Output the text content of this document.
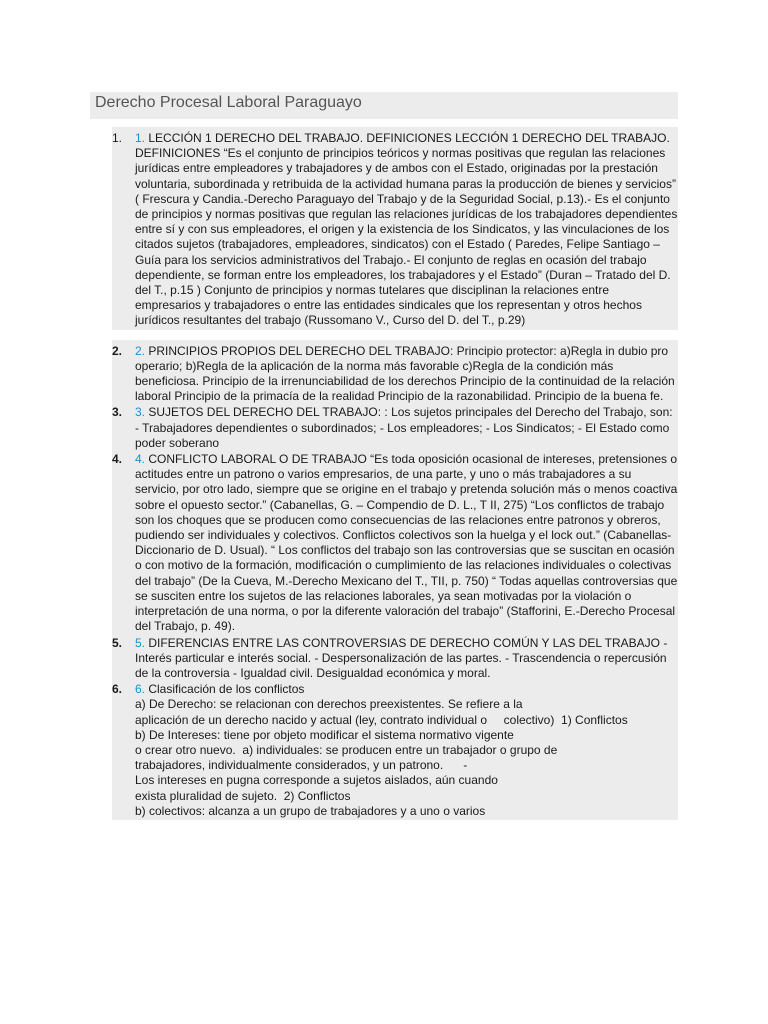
Derecho Procesal Laboral Paraguayo
1.	1. LECCIÓN 1 DERECHO DEL TRABAJO. DEFINICIONES LECCIÓN 1 DERECHO DEL TRABAJO. DEFINICIONES “Es el conjunto de principios teóricos y normas positivas que regulan las relaciones jurídicas entre empleadores y trabajadores y de ambos con el Estado, originadas por la prestación voluntaria, subordinada y retribuida de la actividad humana paras la producción de bienes y servicios” ( Frescura y Candia.-Derecho Paraguayo del Trabajo y de la Seguridad Social, p.13).- Es el conjunto de principios y normas positivas que regulan las relaciones jurídicas de los trabajadores dependientes entre sí y con sus empleadores, el origen y la existencia de los Sindicatos, y las vinculaciones de los citados sujetos (trabajadores, empleadores, sindicatos) con el Estado ( Paredes, Felipe Santiago – Guía para los servicios administrativos del Trabajo.- El conjunto de reglas en ocasión del trabajo dependiente, se forman entre los empleadores, los trabajadores y el Estado” (Duran – Tratado del D. del T., p.15 ) Conjunto de principios y normas tutelares que disciplinan la relaciones entre empresarios y trabajadores o entre las entidades sindicales que los representan y otros hechos jurídicos resultantes del trabajo (Russomano V., Curso del D. del T., p.29)
2.	2. PRINCIPIOS PROPIOS DEL DERECHO DEL TRABAJO: Principio protector: a)Regla in dubio pro operario; b)Regla de la aplicación de la norma más favorable c)Regla de la condición más beneficiosa. Principio de la irrenunciabilidad de los derechos Principio de la continuidad de la relación laboral Principio de la primacía de la realidad Principio de la razonabilidad. Principio de la buena fe.
3.	3. SUJETOS DEL DERECHO DEL TRABAJO: : Los sujetos principales del Derecho del Trabajo, son: - Trabajadores dependientes o subordinados; - Los empleadores; - Los Sindicatos; - El Estado como poder soberano
4.	4. CONFLICTO LABORAL O DE TRABAJO “Es toda oposición ocasional de intereses, pretensiones o actitudes entre un patrono o varios empresarios, de una parte, y uno o más trabajadores a su servicio, por otro lado, siempre que se origine en el trabajo y pretenda solución más o menos coactiva sobre el opuesto sector.” (Cabanellas, G. – Compendio de D. L., T II, 275) “Los conflictos de trabajo son los choques que se producen como consecuencias de las relaciones entre patronos y obreros, pudiendo ser individuales y colectivos. Conflictos colectivos son la huelga y el lock out.” (Cabanellas- Diccionario de D. Usual). “ Los conflictos del trabajo son las controversias que se suscitan en ocasión o con motivo de la formación, modificación o cumplimiento de las relaciones individuales o colectivas del trabajo” (De la Cueva, M.-Derecho Mexicano del T., TII, p. 750) “ Todas aquellas controversias que se susciten entre los sujetos de las relaciones laborales, ya sean motivadas por la violación o interpretación de una norma, o por la diferente valoración del trabajo” (Stafforini, E.-Derecho Procesal del Trabajo, p. 49).
5.	5. DIFERENCIAS ENTRE LAS CONTROVERSIAS DE DERECHO COMÚN Y LAS DEL TRABAJO - Interés particular e interés social. - Despersonalización de las partes. - Trascendencia o repercusión de la controversia - Igualdad civil. Desigualdad económica y moral.
6.	6. Clasificación de los conflictos
a) De Derecho: se relacionan con derechos preexistentes. Se refiere a la
aplicación de un derecho nacido y actual (ley, contrato individual o     colectivo)  1) Conflictos
b) De Intereses: tiene por objeto modificar el sistema normativo vigente
o crear otro nuevo.  a) individuales: se producen entre un trabajador o grupo de
trabajadores, individualmente considerados, y un patrono.      -
Los intereses en pugna corresponde a sujetos aislados, aún cuando
exista pluralidad de sujeto.  2) Conflictos
b) colectivos: alcanza a un grupo de trabajadores y a uno o varios
